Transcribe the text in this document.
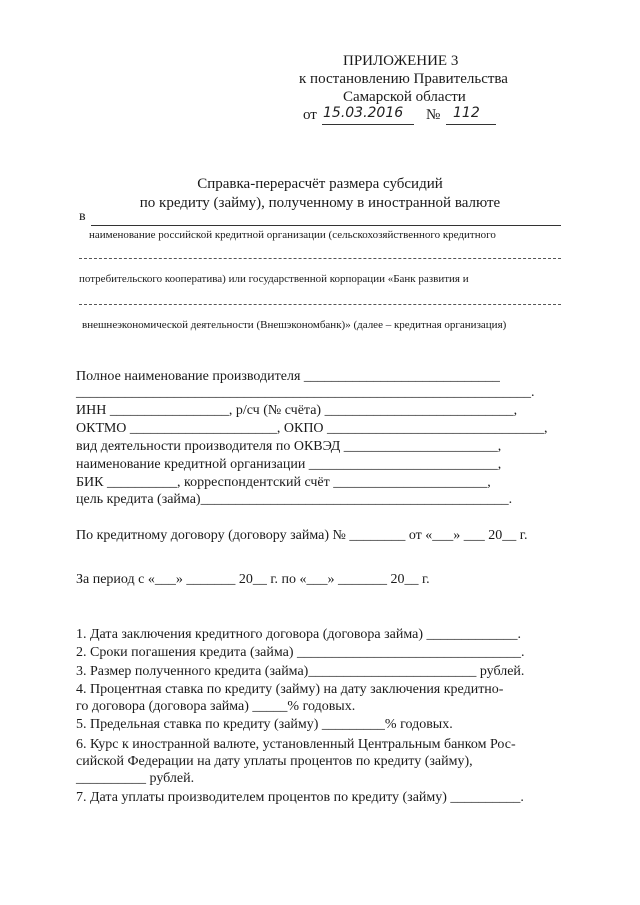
ПРИЛОЖЕНИЕ 3
к постановлению Правительства
Самарской области
от 15.03.2016 № 112
Справка-перерасчёт размера субсидий
по кредиту (займу), полученному в иностранной валюте
в
наименование российской кредитной организации (сельскохозяйственного кредитного
потребительского кооператива) или государственной корпорации «Банк развития и
внешнеэкономической деятельности (Внешэкономбанк)» (далее – кредитная организация)
Полное наименование производителя ____________________________
_________________________________________________________________.
ИНН _________________, р/сч (№ счёта) ___________________________,
ОКТМО _____________________, ОКПО _______________________________,
вид деятельности производителя по ОКВЭД ______________________,
наименование кредитной организации ___________________________,
БИК __________, корреспондентский счёт ______________________,
цель кредита (займа)____________________________________________.
По кредитному договору (договору займа) № ________ от «___» ___ 20__ г.
За период с «___» _______ 20__ г. по «___» _______ 20__ г.
1. Дата заключения кредитного договора (договора займа) _____________.
2. Сроки погашения кредита (займа) ________________________________.
3. Размер полученного кредита (займа)________________________ рублей.
4. Процентная ставка по кредиту (займу) на дату заключения кредитно-
го договора (договора займа) _____% годовых.
5. Предельная ставка по кредиту (займу) _________% годовых.
6. Курс к иностранной валюте, установленный Центральным банком Рос-
сийской Федерации на дату уплаты процентов по кредиту (займу),
__________ рублей.
7. Дата уплаты производителем процентов по кредиту (займу) __________.
